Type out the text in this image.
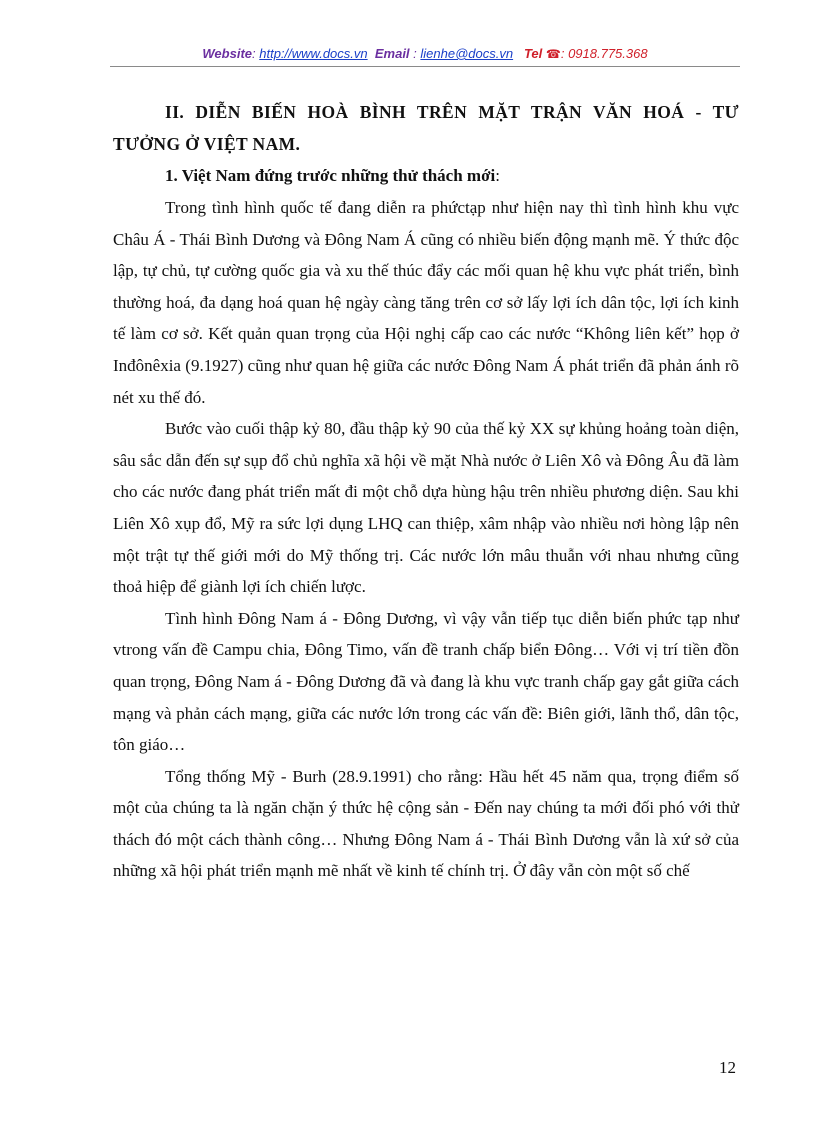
Website: http://www.docs.vn Email : lienhe@docs.vn Tel ☎: 0918.775.368

II. DIỄN BIẾN HOÀ BÌNH TRÊN MẶT TRẬN VĂN HOÁ - TƯ TƯỞNG Ở VIỆT NAM.

1. Việt Nam đứng trước những thử thách mới:

Trong tình hình quốc tế đang diễn ra phứctạp như hiện nay thì tình hình khu vực Châu Á - Thái Bình Dương và Đông Nam Á cũng có nhiều biến động mạnh mẽ. Ý thức độc lập, tự chủ, tự cường quốc gia và xu thế thúc đẩy các mối quan hệ khu vực phát triển, bình thường hoá, đa dạng hoá quan hệ ngày càng tăng trên cơ sở lấy lợi ích dân tộc, lợi ích kinh tế làm cơ sở. Kết quản quan trọng của Hội nghị cấp cao các nước “Không liên kết” họp ở Inđônêxia (9.1927) cũng như quan hệ giữa các nước Đông Nam Á phát triển đã phản ánh rõ nét xu thế đó.

Bước vào cuối thập kỷ 80, đầu thập kỷ 90 của thế kỷ XX sự khủng hoảng toàn diện, sâu sắc dẫn đến sự sụp đổ chủ nghĩa xã hội về mặt Nhà nước ở Liên Xô và Đông Âu đã làm cho các nước đang phát triển mất đi một chỗ dựa hùng hậu trên nhiều phương diện. Sau khi Liên Xô xụp đổ, Mỹ ra sức lợi dụng LHQ can thiệp, xâm nhập vào nhiều nơi hòng lập nên một trật tự thế giới mới do Mỹ thống trị. Các nước lớn mâu thuẫn với nhau nhưng cũng thoả hiệp để giành lợi ích chiến lược.

Tình hình Đông Nam á - Đông Dương, vì vậy vẫn tiếp tục diễn biến phức tạp như vtrong vấn đề Campu chia, Đông Timo, vấn đề tranh chấp biển Đông… Với vị trí tiền đồn quan trọng, Đông Nam á - Đông Dương đã và đang là khu vực tranh chấp gay gắt giữa cách mạng và phản cách mạng, giữa các nước lớn trong các vấn đề: Biên giới, lãnh thổ, dân tộc, tôn giáo…

Tổng thống Mỹ - Burh (28.9.1991) cho rằng: Hầu hết 45 năm qua, trọng điểm số một của chúng ta là ngăn chặn ý thức hệ cộng sản - Đến nay chúng ta mới đối phó với thử thách đó một cách thành công… Nhưng Đông Nam á - Thái Bình Dương vẫn là xứ sở của những xã hội phát triển mạnh mẽ nhất về kinh tế chính trị. Ở đây vẫn còn một số chế

12
